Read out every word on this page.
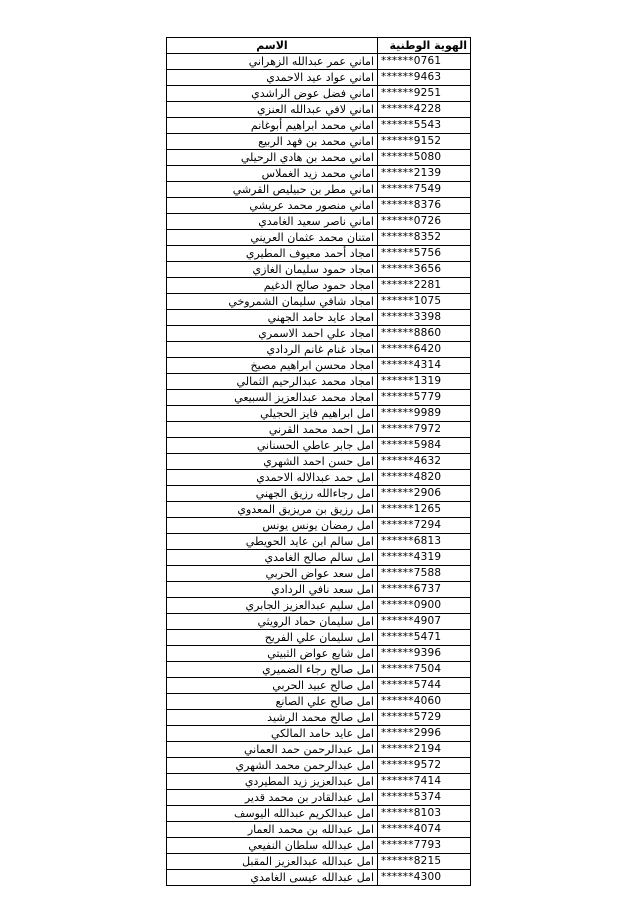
الهوية الوطنية	الاسم
******0761	اماني عمر عبدالله الزهراني
******9463	اماني عواد عيد الاحمدي
******9251	اماني فضل عوض الراشدي
******4228	اماني لافي عبدالله العنزي
******5543	اماني محمد ابراهيم أبوغانم
******9152	اماني محمد بن فهد الربيع
******5080	اماني محمد بن هادي الرحيلي
******2139	اماني محمد زيد الغملاس
******7549	اماني مطر بن حبيليص القرشي
******8376	اماني منصور محمد عريشي
******0726	اماني ناصر سعيد الغامدي
******8352	امتنان محمد عثمان العريني
******5756	امجاد أحمد معيوف المطيري
******3656	امجاد حمود سليمان الغازي
******2281	امجاد حمود صالح الدغيم
******1075	امجاد شافي سليمان الشمروخي
******3398	امجاد عايد حامد الجهني
******8860	امجاد علي احمد الاسمري
******6420	امجاد غنام غانم الردادي
******4314	امجاد محسن ابراهيم مصيخ
******1319	امجاد محمد عبدالرحيم الثمالي
******5779	امجاد محمد عبدالعزيز السبيعي
******9989	امل ابراهيم فايز الحجيلي
******7972	امل احمد محمد القرني
******5984	امل جابر عاطي الحسناني
******4632	امل حسن احمد الشهري
******4820	امل حمد عبدالاله الاحمدي
******2906	امل رجاءالله رزيق الجهني
******1265	امل رزيق بن مريزيق المعدوي
******7294	امل رمضان يونس يونس
******6813	امل سالم ابن عايد الحويطي
******4319	امل سالم صالح الغامدي
******7588	امل سعد عواض الحربي
******6737	امل سعد نافي الردادي
******0900	امل سليم عبدالعزيز الجابري
******4907	امل سليمان حماد الرويثي
******5471	امل سليمان علي الفريح
******9396	امل شايع عواض الثبيتي
******7504	امل صالح رجاء الضميري
******5744	امل صالح عبيد الحربي
******4060	امل صالح علي الصانع
******5729	امل صالح محمد الرشيد
******2996	امل عايد حامد المالكي
******2194	امل عبدالرحمن حمد العماني
******9572	امل عبدالرحمن محمد الشهري
******7414	امل عبدالعزيز زيد المطيردي
******5374	امل عبدالقادر بن محمد قدير
******8103	امل عبدالكريم عبدالله اليوسف
******4074	امل عبدالله بن محمد العمار
******7793	امل عبدالله سلطان النفيعي
******8215	امل عبدالله عبدالعزيز المقبل
******4300	امل عبدالله عيسى الغامدي
